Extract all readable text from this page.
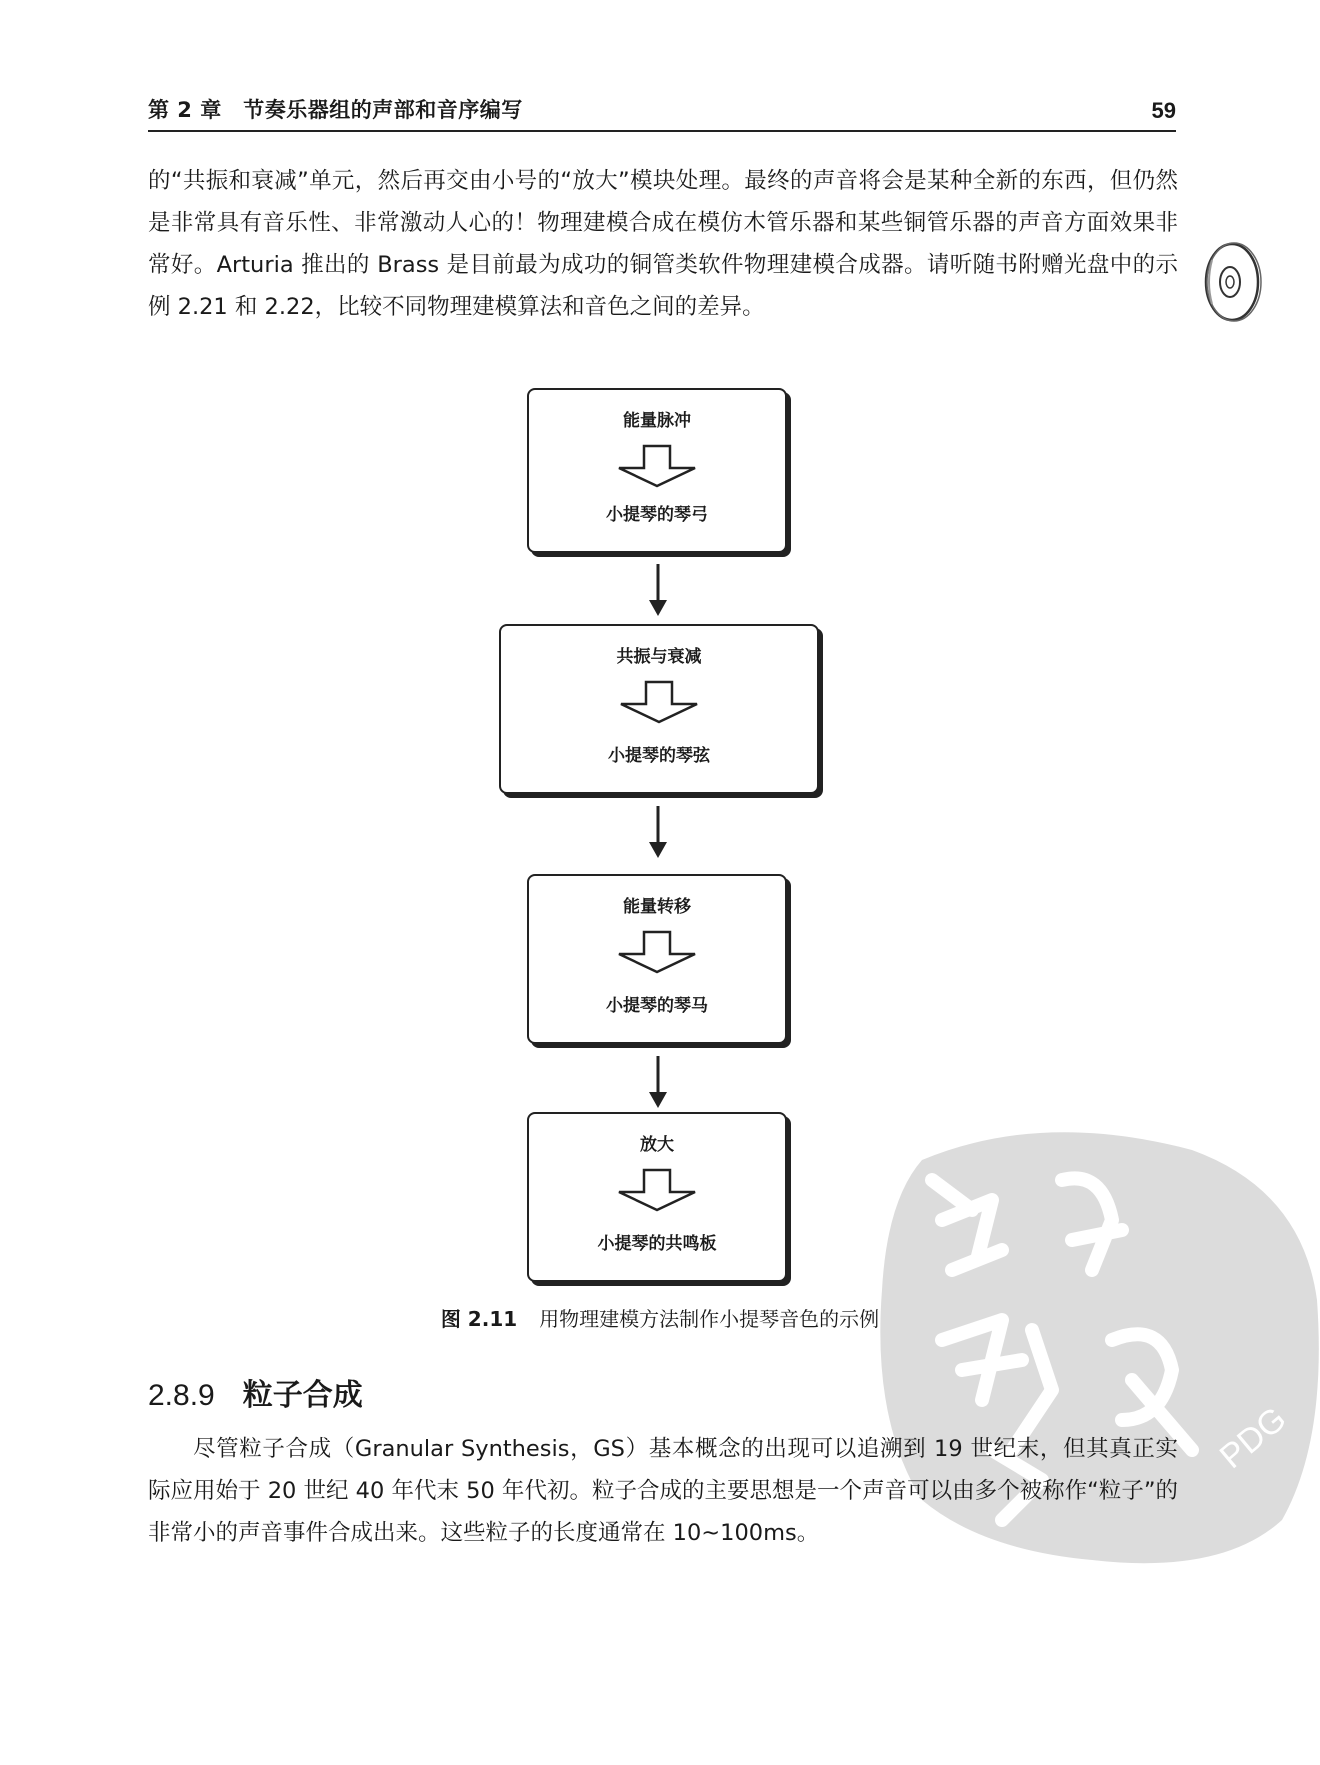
第 2 章　节奏乐器组的声部和音序编写	59
的“共振和衰减”单元，然后再交由小号的“放大”模块处理。最终的声音将会是某种全新的东西，但仍然是非常具有音乐性、非常激动人心的！物理建模合成在模仿木管乐器和某些铜管乐器的声音方面效果非常好。Arturia 推出的 Brass 是目前最为成功的铜管类软件物理建模合成器。请听随书附赠光盘中的示例 2.21 和 2.22，比较不同物理建模算法和音色之间的差异。
能量脉冲
小提琴的琴弓
共振与衰减
小提琴的琴弦
能量转移
小提琴的琴马
放大
小提琴的共鸣板
PDG
图 2.11 用物理建模方法制作小提琴音色的示例
2.8.9 粒子合成
尽管粒子合成（Granular Synthesis，GS）基本概念的出现可以追溯到 19 世纪末，但其真正实际应用始于 20 世纪 40 年代末 50 年代初。粒子合成的主要思想是一个声音可以由多个被称作“粒子”的非常小的声音事件合成出来。这些粒子的长度通常在 10~100ms。
